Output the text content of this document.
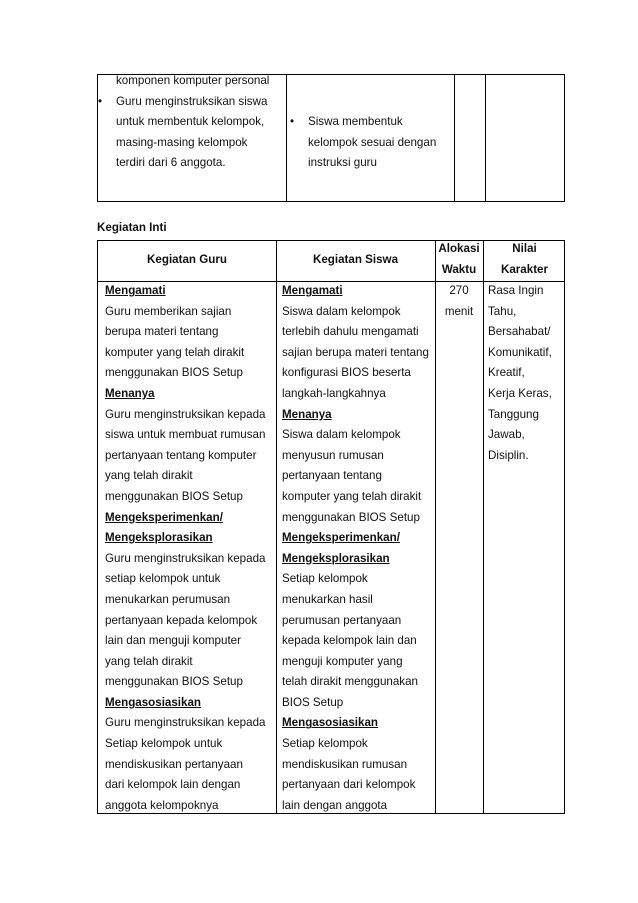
komponen komputer personal
• Guru menginstruksikan siswa
untuk membentuk kelompok,
masing-masing kelompok
terdiri dari 6 anggota.
• Siswa membentuk
kelompok sesuai dengan
instruksi guru
Kegiatan Inti
Kegiatan Guru	Kegiatan Siswa
Alokasi
Waktu
Nilai
Karakter
Mengamati
Guru memberikan sajian
berupa materi tentang
komputer yang telah dirakit
menggunakan BIOS Setup
Menanya
Guru menginstruksikan kepada
siswa untuk membuat rumusan
pertanyaan tentang komputer
yang telah dirakit
menggunakan BIOS Setup
Mengeksperimenkan/
Mengeksplorasikan
Guru menginstruksikan kepada
setiap kelompok untuk
menukarkan perumusan
pertanyaan kepada kelompok
lain dan menguji komputer
yang telah dirakit
menggunakan BIOS Setup
Mengasosiasikan
Guru menginstruksikan kepada
Setiap kelompok untuk
mendiskusikan pertanyaan
dari kelompok lain dengan
anggota kelompoknya
Mengamati
Siswa dalam kelompok
terlebih dahulu mengamati
sajian berupa materi tentang
konfigurasi BIOS beserta
langkah-langkahnya
Menanya
Siswa dalam kelompok
menyusun rumusan
pertanyaan tentang
komputer yang telah dirakit
menggunakan BIOS Setup
Mengeksperimenkan/
Mengeksplorasikan
Setiap kelompok
menukarkan hasil
perumusan pertanyaan
kepada kelompok lain dan
menguji komputer yang
telah dirakit menggunakan
BIOS Setup
Mengasosiasikan
Setiap kelompok
mendiskusikan rumusan
pertanyaan dari kelompok
lain dengan anggota
270
menit
Rasa Ingin
Tahu,
Bersahabat/
Komunikatif,
Kreatif,
Kerja Keras,
Tanggung
Jawab,
Disiplin.
